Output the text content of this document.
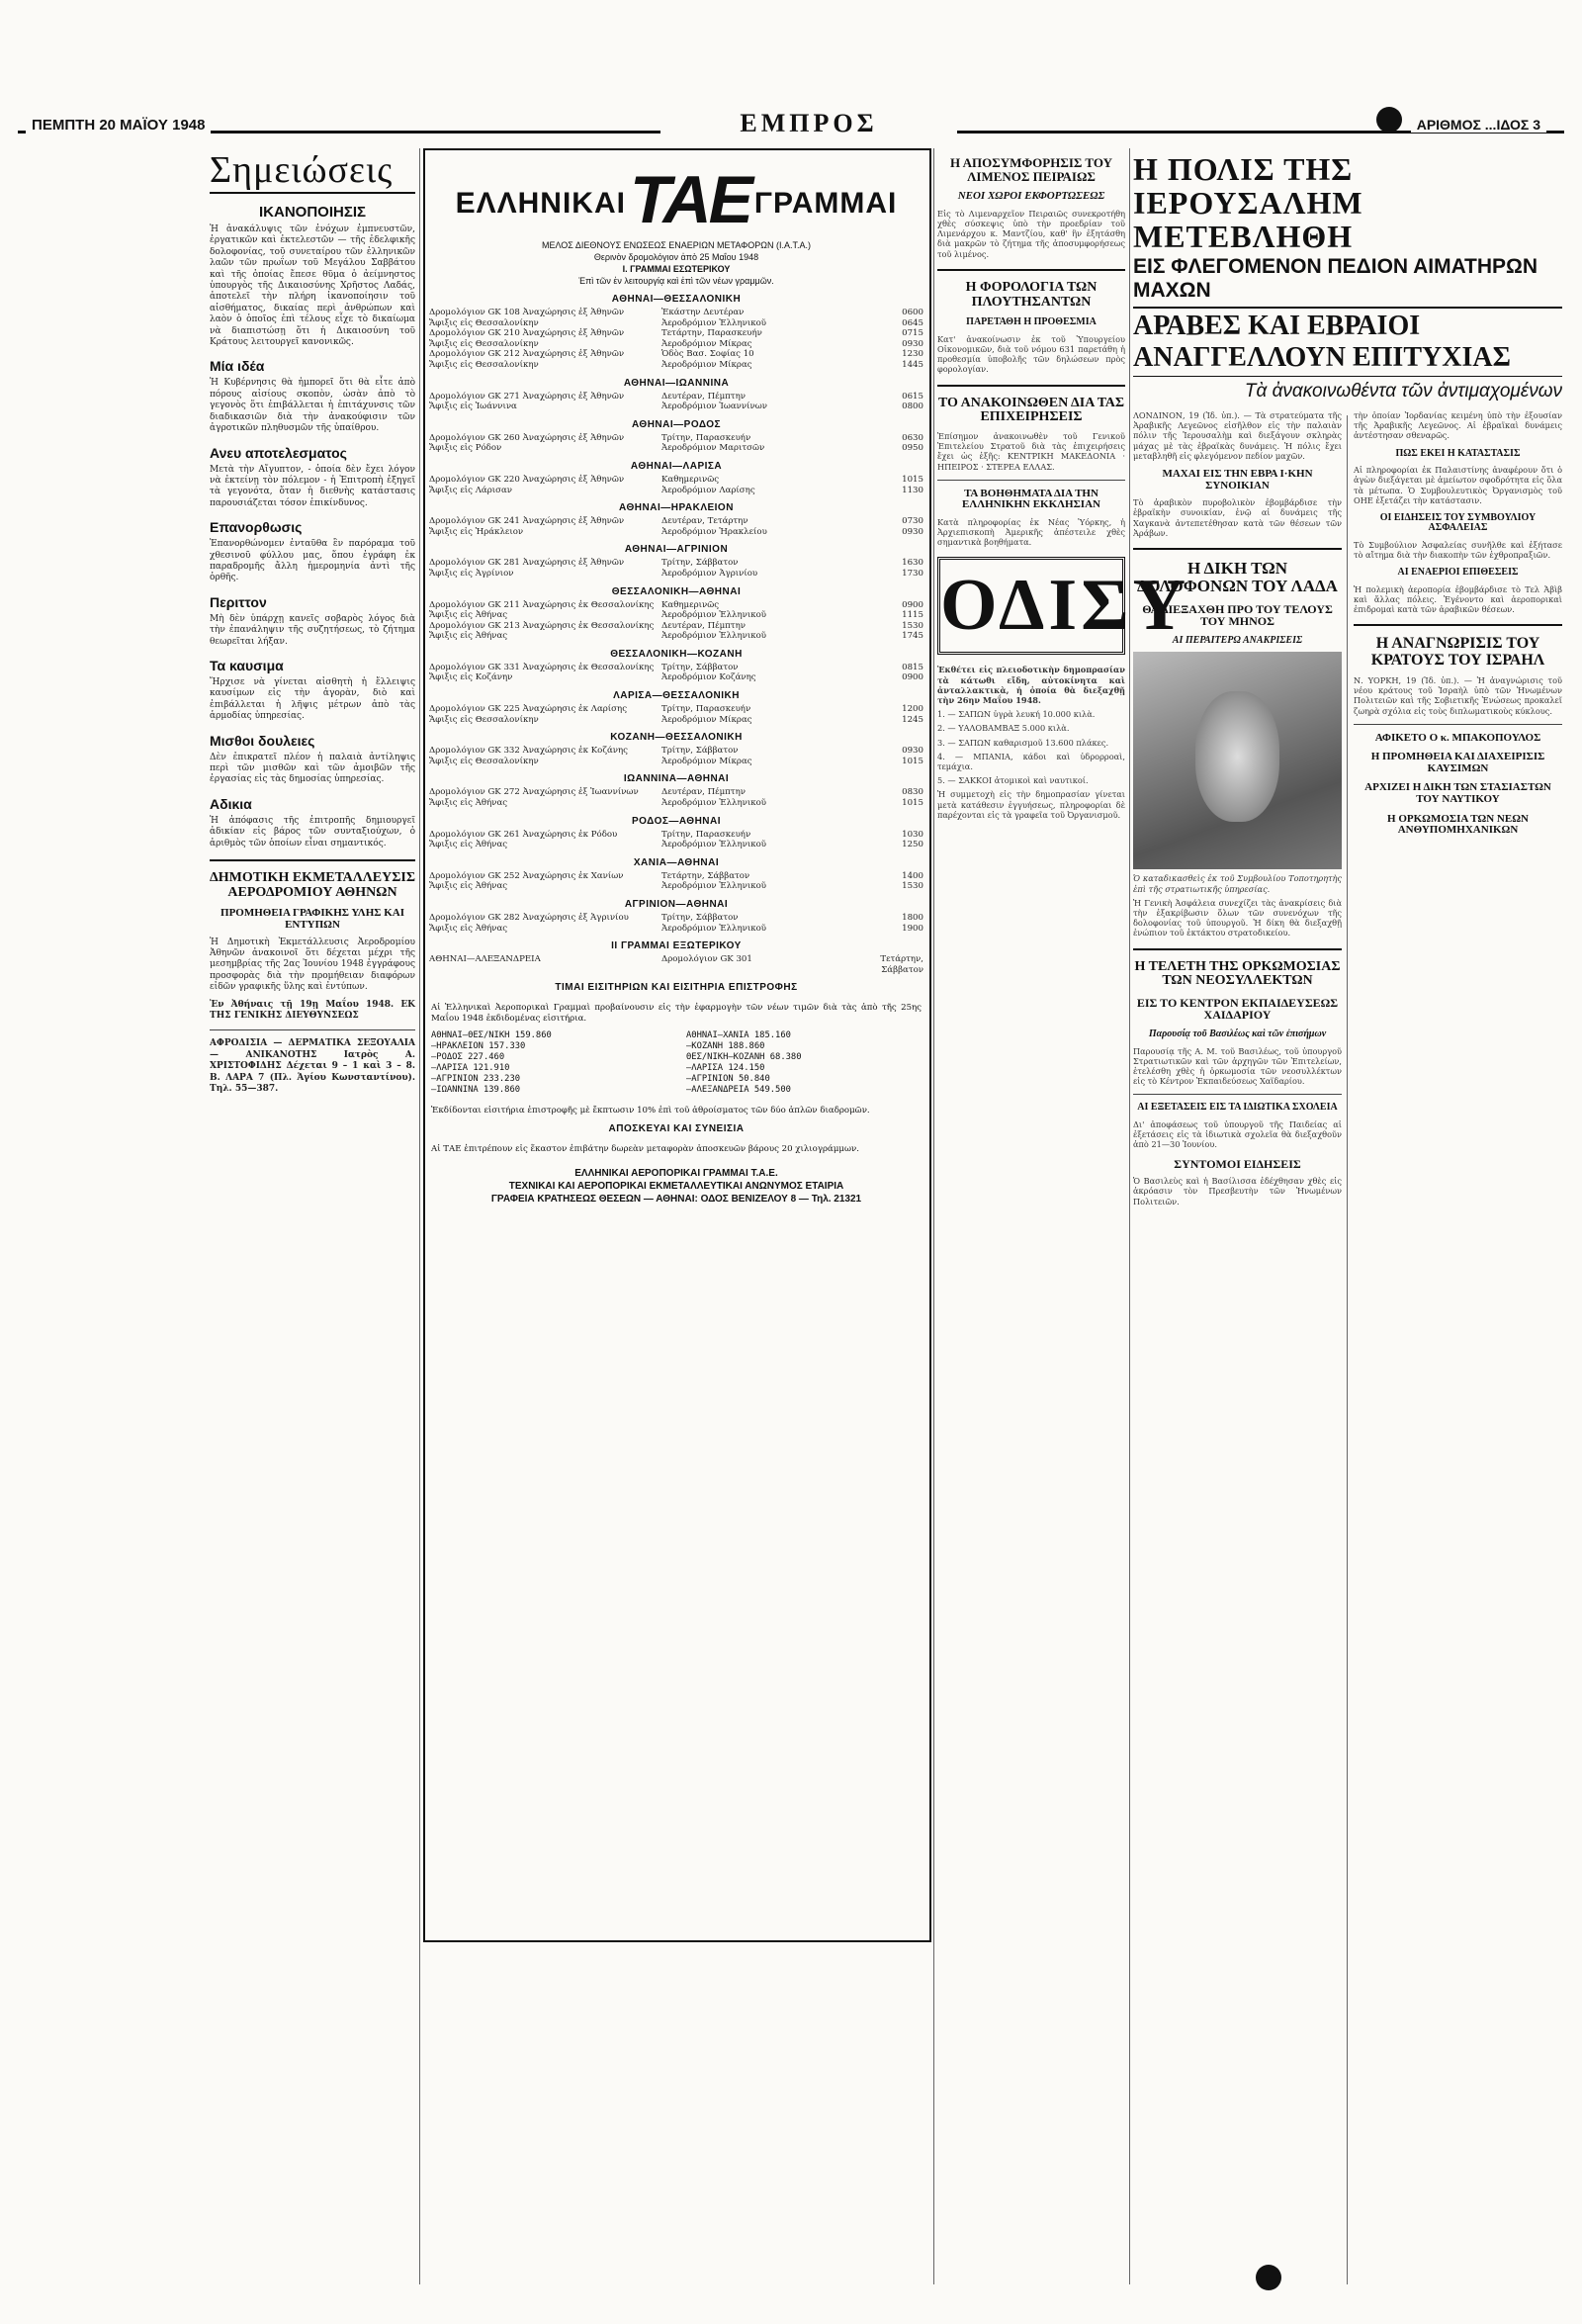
ΠΕΜΠΤΗ 20 ΜΑΪΟΥ 1948	ΕΜΠΡΟΣ	ΑΡΙΘΜΟΣ ...ΙΔΟΣ 3
Σημειώσεις
ΙΚΑΝΟΠΟΙΗΣΙΣ

Ἡ ἀνακάλυψις τῶν ἐνόχων ἐμπνευστῶν, ἐργατικῶν καὶ ἐκτελεστῶν — τῆς ἐδελφικῆς δολοφονίας, τοῦ συνεταίρου τῶν ἑλληνικῶν λαῶν τῶν πρωΐων τοῦ Μεγάλου Σαββάτου καὶ τῆς ὁποίας ἔπεσε θῦμα ὁ ἀείμνηστος ὑπουργὸς τῆς Δικαιοσύνης Χρῆστος Λαδάς, ἀποτελεῖ τὴν πλήρη ἱκανοποίησιν τοῦ αἰσθήματος, δικαίας περὶ ἀνθρώπων καὶ λαὸν ὁ ὁποῖος ἐπὶ τέλους εἶχε τὸ δικαίωμα νὰ διαπιστώσῃ ὅτι ἡ Δικαιοσύνη τοῦ Κράτους λειτουργεῖ κανονικῶς.

Μία ιδέα

Ἡ Κυβέρνησις θὰ ἠμπορεῖ ὅτι θὰ εἶτε ἀπὸ πόρους αἰσίους σκοπὸν, ὡσὰν ἀπὸ τὸ γεγονὸς ὅτι ἐπιβάλλεται ἡ ἐπιτάχυνσις τῶν διαδικασιῶν διὰ τὴν ἀνακούφισιν τῶν ἀγροτικῶν πληθυσμῶν τῆς ὑπαίθρου.

Ανευ αποτελεσματος

Μετὰ τὴν Αἴγυπτον, - ὁποία δὲν ἔχει λόγον νὰ ἐκτείνῃ τὸν πόλεμον - ἡ Ἐπιτροπὴ ἐξηγεῖ τὰ γεγονότα, ὅταν ἡ διεθνὴς κατάστασις παρουσιάζεται τόσον ἐπικίνδυνος.

Επανορθωσις

Ἐπανορθώνομεν ἐνταῦθα ἓν παρόραμα τοῦ χθεσινοῦ φύλλου μας, ὅπου ἐγράφη ἐκ παραδρομῆς ἄλλη ἡμερομηνία ἀντὶ τῆς ὀρθῆς.

Περιττον

Μὴ δὲν ὑπάρχῃ κανεῖς σοβαρὸς λόγος διὰ τὴν ἐπανάληψιν τῆς συζητήσεως, τὸ ζήτημα θεωρεῖται λήξαν.

Τα καυσιμα

Ἤρχισε νὰ γίνεται αἰσθητὴ ἡ ἔλλειψις καυσίμων εἰς τὴν ἀγορὰν, διὸ καὶ ἐπιβάλλεται ἡ λῆψις μέτρων ἀπὸ τὰς ἁρμοδίας ὑπηρεσίας.

Μισθοι δουλειες

Δὲν ἐπικρατεῖ πλέον ἡ παλαιὰ ἀντίληψις περὶ τῶν μισθῶν καὶ τῶν ἀμοιβῶν τῆς ἐργασίας εἰς τὰς δημοσίας ὑπηρεσίας.

Αδικια

Ἡ ἀπόφασις τῆς ἐπιτροπῆς δημιουργεῖ ἀδικίαν εἰς βάρος τῶν συνταξιούχων, ὁ ἀριθμὸς τῶν ὁποίων εἶναι σημαντικός.

ΔΗΜΟΤΙΚΗ ΕΚΜΕΤΑΛΛΕΥΣΙΣ ΑΕΡΟΔΡΟΜΙΟΥ ΑΘΗΝΩΝ
ΠΡΟΜΗΘΕΙΑ ΓΡΑΦΙΚΗΣ ΥΛΗΣ ΚΑΙ ΕΝΤΥΠΩΝ

Ἡ Δημοτικὴ Ἐκμετάλλευσις Ἀεροδρομίου Ἀθηνῶν ἀνακοινοῖ ὅτι δέχεται μέχρι τῆς μεσημβρίας τῆς 2ας Ἰουνίου 1948 ἐγγράφους προσφορὰς διὰ τὴν προμήθειαν διαφόρων εἰδῶν γραφικῆς ὕλης καὶ ἐντύπων.

Ἐν Ἀθήναις τῇ 19ῃ Μαΐου 1948. ΕΚ ΤΗΣ ΓΕΝΙΚΗΣ ΔΙΕΥΘΥΝΣΕΩΣ

ΑΦΡΟΔΙΣΙΑ — ΔΕΡΜΑΤΙΚΑ ΣΕΞΟΥΑΛΙΑ — ΑΝΙΚΑΝΟΤΗΣ Ιατρὸς Α. ΧΡΙΣΤΟΦΙΔΗΣ Δέχεται 9 – 1 καὶ 3 – 8. Β. ΛΑΡΑ 7 (Πλ. Ἁγίου Κωνσταντίνου). Τηλ. 55—387.

ΕΛΛΗΝΙΚΑΙ TAE ΓΡΑΜΜΑΙ
ΜΕΛΟΣ ΔΙΕΘΝΟΥΣ ΕΝΩΣΕΩΣ ΕΝΑΕΡΙΩΝ ΜΕΤΑΦΟΡΩΝ (Ι.Α.Τ.Α.)
Θερινὸν δρομολόγιον ἀπὸ 25 Μαΐου 1948
Ι. ΓΡΑΜΜΑΙ ΕΣΩΤΕΡΙΚΟΥ
Ἐπὶ τῶν ἐν λειτουργίᾳ καὶ ἐπὶ τῶν νέων γραμμῶν.
ΑΘΗΝΑΙ—ΘΕΣΣΑΛΟΝΙΚΗ
Δρομολόγιον GK 108 Ἀναχώρησις ἐξ Ἀθηνῶν	Ἐκάστην Δευτέραν	0600
Ἄφιξις εἰς Θεσσαλονίκην	Ἀεροδρόμιον Ἑλληνικοῦ	0645
Δρομολόγιον GK 210 Ἀναχώρησις ἐξ Ἀθηνῶν	Τετάρτην, Παρασκευήν	0715
Ἄφιξις εἰς Θεσσαλονίκην	Ἀεροδρόμιον Μίκρας	0930
Δρομολόγιον GK 212 Ἀναχώρησις ἐξ Ἀθηνῶν	Ὁδὸς Βασ. Σοφίας 10	1230
Ἄφιξις εἰς Θεσσαλονίκην	Ἀεροδρόμιον Μίκρας	1445
ΑΘΗΝΑΙ—ΙΩΑΝΝΙΝΑ
Δρομολόγιον GK 271 Ἀναχώρησις ἐξ Ἀθηνῶν	Δευτέραν, Πέμπτην	0615
Ἄφιξις εἰς Ἰωάννινα	Ἀεροδρόμιον Ἰωαννίνων	0800
ΑΘΗΝΑΙ—ΡΟΔΟΣ
Δρομολόγιον GK 260 Ἀναχώρησις ἐξ Ἀθηνῶν	Τρίτην, Παρασκευήν	0630
Ἄφιξις εἰς Ρόδον	Ἀεροδρόμιον Μαριτσῶν	0950
ΑΘΗΝΑΙ—ΛΑΡΙΣΑ
Δρομολόγιον GK 220 Ἀναχώρησις ἐξ Ἀθηνῶν	Καθημερινῶς	1015
Ἄφιξις εἰς Λάρισαν	Ἀεροδρόμιον Λαρίσης	1130
ΑΘΗΝΑΙ—ΗΡΑΚΛΕΙΟΝ
Δρομολόγιον GK 241 Ἀναχώρησις ἐξ Ἀθηνῶν	Δευτέραν, Τετάρτην	0730
Ἄφιξις εἰς Ἡράκλειον	Ἀεροδρόμιον Ἡρακλείου	0930
ΑΘΗΝΑΙ—ΑΓΡΙΝΙΟΝ
Δρομολόγιον GK 281 Ἀναχώρησις ἐξ Ἀθηνῶν	Τρίτην, Σάββατον	1630
Ἄφιξις εἰς Ἀγρίνιον	Ἀεροδρόμιον Ἀγρινίου	1730
ΘΕΣΣΑΛΟΝΙΚΗ—ΑΘΗΝΑΙ
Δρομολόγιον GK 211 Ἀναχώρησις ἐκ Θεσσαλονίκης Καθημερινῶς	0900
Ἄφιξις εἰς Ἀθήνας	Ἀεροδρόμιον Ἑλληνικοῦ	1115
Δρομολόγιον GK 213 Ἀναχώρησις ἐκ Θεσσαλονίκης Δευτέραν, Πέμπτην	1530
Ἄφιξις εἰς Ἀθήνας	Ἀεροδρόμιον Ἑλληνικοῦ	1745
ΘΕΣΣΑΛΟΝΙΚΗ—ΚΟΖΑΝΗ
Δρομολόγιον GK 331 Ἀναχώρησις ἐκ Θεσσαλονίκης Τρίτην, Σάββατον	0815
Ἄφιξις εἰς Κοζάνην	Ἀεροδρόμιον Κοζάνης	0900
ΛΑΡΙΣΑ—ΘΕΣΣΑΛΟΝΙΚΗ
Δρομολόγιον GK 225 Ἀναχώρησις ἐκ Λαρίσης	Τρίτην, Παρασκευήν	1200
Ἄφιξις εἰς Θεσσαλονίκην	Ἀεροδρόμιον Μίκρας	1245
ΚΟΖΑΝΗ—ΘΕΣΣΑΛΟΝΙΚΗ
Δρομολόγιον GK 332 Ἀναχώρησις ἐκ Κοζάνης	Τρίτην, Σάββατον	0930
Ἄφιξις εἰς Θεσσαλονίκην	Ἀεροδρόμιον Μίκρας	1015
ΙΩΑΝΝΙΝΑ—ΑΘΗΝΑΙ
Δρομολόγιον GK 272 Ἀναχώρησις ἐξ Ἰωαννίνων	Δευτέραν, Πέμπτην	0830
Ἄφιξις εἰς Ἀθήνας	Ἀεροδρόμιον Ἑλληνικοῦ	1015
ΡΟΔΟΣ—ΑΘΗΝΑΙ
Δρομολόγιον GK 261 Ἀναχώρησις ἐκ Ρόδου	Τρίτην, Παρασκευήν	1030
Ἄφιξις εἰς Ἀθήνας	Ἀεροδρόμιον Ἑλληνικοῦ	1250
ΧΑΝΙΑ—ΑΘΗΝΑΙ
Δρομολόγιον GK 252 Ἀναχώρησις ἐκ Χανίων	Τετάρτην, Σάββατον	1400
Ἄφιξις εἰς Ἀθήνας	Ἀεροδρόμιον Ἑλληνικοῦ	1530
ΑΓΡΙΝΙΟΝ—ΑΘΗΝΑΙ
Δρομολόγιον GK 282 Ἀναχώρησις ἐξ Ἀγρινίου	Τρίτην, Σάββατον	1800
Ἄφιξις εἰς Ἀθήνας	Ἀεροδρόμιον Ἑλληνικοῦ	1900
ΙΙ ΓΡΑΜΜΑΙ ΕΞΩΤΕΡΙΚΟΥ
ΑΘΗΝΑΙ—ΑΛΕΞΑΝΔΡΕΙΑ	Δρομολόγιον GK 301	Τετάρτην, Σάββατον
ΤΙΜΑΙ ΕΙΣΙΤΗΡΙΩΝ ΚΑΙ ΕΙΣΙΤΗΡΙΑ ΕΠΙΣΤΡΟΦΗΣ

Αἱ Ἑλληνικαὶ Ἀεροπορικαὶ Γραμμαὶ προβαίνουσιν εἰς τὴν ἐφαρμογὴν τῶν νέων τιμῶν διὰ τὰς ἀπὸ τῆς 25ης Μαΐου 1948 ἐκδιδομένας εἰσιτήρια.

ΑΘΗΝΑΙ—ΘΕΣ/ΝΙΚΗ 159.860	ΑΘΗΝΑΙ—ΧΑΝΙΑ 185.160
—ΗΡΑΚΛΕΙΟΝ 157.330	—ΚΟΖΑΝΗ 188.860
—ΡΟΔΟΣ 227.460	ΘΕΣ/ΝΙΚΗ—ΚΟΖΑΝΗ 68.380
—ΛΑΡΙΣΑ 121.910	—ΛΑΡΙΣΑ 124.150
—ΑΓΡΙΝΙΟΝ 233.230	—ΑΓΡΙΝΙΟΝ 50.840
—ΙΩΑΝΝΙΝΑ 139.860	—ΑΛΕΞΑΝΔΡΕΙΑ 549.500

Ἐκδίδονται εἰσιτήρια ἐπιστροφῆς μὲ ἔκπτωσιν 10% ἐπὶ τοῦ ἀθροίσματος τῶν δύο ἁπλῶν διαδρομῶν.

ΑΠΟΣΚΕΥΑΙ ΚΑΙ ΣΥΝΕΙΣΙΑ

Αἱ ΤΑΕ ἐπιτρέπουν εἰς ἕκαστον ἐπιβάτην δωρεὰν μεταφορὰν ἀποσκευῶν βάρους 20 χιλιογράμμων.

ΕΛΛΗΝΙΚΑΙ ΑΕΡΟΠΟΡΙΚΑΙ ΓΡΑΜΜΑΙ Τ.Α.Ε.
ΤΕΧΝΙΚΑΙ ΚΑΙ ΑΕΡΟΠΟΡΙΚΑΙ ΕΚΜΕΤΑΛΛΕΥΤΙΚΑΙ ΑΝΩΝΥΜΟΣ ΕΤΑΙΡΙΑ
ΓΡΑΦΕΙΑ ΚΡΑΤΗΣΕΩΣ ΘΕΣΕΩΝ — ΑΘΗΝΑΙ: ΟΔΟΣ ΒΕΝΙΖΕΛΟΥ 8 — Τηλ. 21321
Η ΑΠΟΣΥΜΦΟΡΗΣΙΣ ΤΟΥ ΛΙΜΕΝΟΣ ΠΕΙΡΑΙΩΣ
ΝΕΟΙ ΧΩΡΟΙ ΕΚΦΟΡΤΩΣΕΩΣ

Εἰς τὸ Λιμεναρχεῖον Πειραιῶς συνεκροτήθη χθὲς σύσκεψις ὑπὸ τὴν προεδρίαν τοῦ Λιμενάρχου κ. Μαντζίου, καθ' ἣν ἐξητάσθη διὰ μακρῶν τὸ ζήτημα τῆς ἀποσυμφορήσεως τοῦ λιμένος.

Η ΦΟΡΟΛΟΓΙΑ ΤΩΝ ΠΛΟΥΤΗΣΑΝΤΩΝ
ΠΑΡΕΤΑΘΗ Η ΠΡΟΘΕΣΜΙΑ

Κατ' ἀνακοίνωσιν ἐκ τοῦ Ὑπουργείου Οἰκονομικῶν, διὰ τοῦ νόμου 631 παρετάθη ἡ προθεσμία ὑποβολῆς τῶν δηλώσεων πρὸς φορολογίαν.

ΤΟ ΑΝΑΚΟΙΝΩΘΕΝ ΔΙΑ ΤΑΣ ΕΠΙΧΕΙΡΗΣΕΙΣ

Ἐπίσημον ἀνακοινωθὲν τοῦ Γενικοῦ Ἐπιτελείου Στρατοῦ διὰ τὰς ἐπιχειρήσεις ἔχει ὡς ἑξῆς: ΚΕΝΤΡΙΚΗ ΜΑΚΕΔΟΝΙΑ · ΗΠΕΙΡΟΣ · ΣΤΕΡΕΑ ΕΛΛΑΣ.

ΤΑ ΒΟΗΘΗΜΑΤΑ ΔΙΑ ΤΗΝ ΕΛΛΗΝΙΚΗΝ ΕΚΚΛΗΣΙΑΝ

Κατὰ πληροφορίας ἐκ Νέας Ὑόρκης, ἡ Ἀρχιεπισκοπὴ Ἀμερικῆς ἀπέστειλε χθὲς σημαντικὰ βοηθήματα.

ΟΔΙΣΥ

Ἐκθέτει εἰς πλειοδοτικὴν δημοπρασίαν τὰ κάτωθι εἴδη, αὐτοκίνητα καὶ ἀνταλλακτικὰ, ἡ ὁποία θὰ διεξαχθῇ τὴν 26ην Μαΐου 1948.

1. — ΣΑΠΩΝ ὑγρὰ λευκή 10.000 κιλὰ.

2. — ΥΑΛΟΒΑΜΒΑΞ 5.000 κιλὰ.

3. — ΣΑΠΩΝ καθαρισμοῦ 13.600 πλάκες.

4. — ΜΠΑΝΙΑ, κάδοι καὶ ὑδρορροαὶ, τεμάχια.

5. — ΣΑΚΚΟΙ ἀτομικοὶ καὶ ναυτικοί.

Ἡ συμμετοχὴ εἰς τὴν δημοπρασίαν γίνεται μετὰ κατάθεσιν ἐγγυήσεως, πληροφορίαι δὲ παρέχονται εἰς τὰ γραφεῖα τοῦ Ὀργανισμοῦ.

Η ΠΟΛΙΣ ΤΗΣ ΙΕΡΟΥΣΑΛΗΜ ΜΕΤΕΒΛΗΘΗ
ΕΙΣ ΦΛΕΓΟΜΕΝΟΝ ΠΕΔΙΟΝ ΑΙΜΑΤΗΡΩΝ ΜΑΧΩΝ
ΑΡΑΒΕΣ ΚΑΙ ΕΒΡΑΙΟΙ ΑΝΑΓΓΕΛΛΟΥΝ ΕΠΙΤΥΧΙΑΣ
Τὰ ἀνακοινωθέντα τῶν ἀντιμαχομένων

ΛΟΝΔΙΝΟΝ, 19 (Ἰδ. ὑπ.). — Τὰ στρατεύματα τῆς Ἀραβικῆς Λεγεῶνος εἰσῆλθον εἰς τὴν παλαιὰν πόλιν τῆς Ἱερουσαλὴμ καὶ διεξάγουν σκληρὰς μάχας μὲ τὰς ἑβραϊκὰς δυνάμεις. Ἡ πόλις ἔχει μεταβληθῆ εἰς φλεγόμενον πεδίον μαχῶν.

ΜΑΧΑΙ ΕΙΣ ΤΗΝ ΕΒΡΑ Ι·ΚΗΝ ΣΥΝΟΙΚΙΑΝ

Τὸ ἀραβικὸν πυροβολικὸν ἐβομβάρδισε τὴν ἑβραϊκὴν συνοικίαν, ἐνῷ αἱ δυνάμεις τῆς Χαγκανὰ ἀντεπετέθησαν κατὰ τῶν θέσεων τῶν Ἀράβων.

Η ΔΙΚΗ ΤΩΝ ΔΟΛΟΦΟΝΩΝ ΤΟΥ ΛΑΔΑ
ΘΑ ΔΙΕΞΑΧΘΗ ΠΡΟ ΤΟΥ ΤΕΛΟΥΣ ΤΟΥ ΜΗΝΟΣ
ΑΙ ΠΕΡΑΙΤΕΡΩ ΑΝΑΚΡΙΣΕΙΣ

Ὁ καταδικασθεὶς ἐκ τοῦ Συμβουλίου Τοποτηρητὴς ἐπὶ τῆς στρατιωτικῆς ὑπηρεσίας.

Ἡ Γενικὴ Ἀσφάλεια συνεχίζει τὰς ἀνακρίσεις διὰ τὴν ἐξακρίβωσιν ὅλων τῶν συνενόχων τῆς δολοφονίας τοῦ ὑπουργοῦ. Ἡ δίκη θὰ διεξαχθῇ ἐνώπιον τοῦ ἐκτάκτου στρατοδικείου.

Η ΤΕΛΕΤΗ ΤΗΣ ΟΡΚΩΜΟΣΙΑΣ ΤΩΝ ΝΕΟΣΥΛΛΕΚΤΩΝ
ΕΙΣ ΤΟ ΚΕΝΤΡΟΝ ΕΚΠΑΙΔΕΥΣΕΩΣ ΧΑΙΔΑΡΙΟΥ
Παρουσίᾳ τοῦ Βασιλέως καὶ τῶν ἐπισήμων

Παρουσίᾳ τῆς Α. Μ. τοῦ Βασιλέως, τοῦ ὑπουργοῦ Στρατιωτικῶν καὶ τῶν ἀρχηγῶν τῶν Ἐπιτελείων, ἐτελέσθη χθὲς ἡ ὁρκωμοσία τῶν νεοσυλλέκτων εἰς τὸ Κέντρον Ἐκπαιδεύσεως Χαϊδαρίου.

ΑΙ ΕΞΕΤΑΣΕΙΣ ΕΙΣ ΤΑ ΙΔΙΩΤΙΚΑ ΣΧΟΛΕΙΑ

Δι' ἀποφάσεως τοῦ ὑπουργοῦ τῆς Παιδείας αἱ ἐξετάσεις εἰς τὰ ἰδιωτικὰ σχολεῖα θὰ διεξαχθοῦν ἀπὸ 21—30 Ἰουνίου.

ΣΥΝΤΟΜΟΙ ΕΙΔΗΣΕΙΣ

Ὁ Βασιλεὺς καὶ ἡ Βασίλισσα ἐδέχθησαν χθὲς εἰς ἀκρόασιν τὸν Πρεσβευτὴν τῶν Ἡνωμένων Πολιτειῶν.

τὴν ὁποίαν Ἰορδανίας κειμένη ὑπὸ τὴν ἐξουσίαν τῆς Ἀραβικῆς Λεγεῶνος. Αἱ ἑβραϊκαὶ δυνάμεις ἀντέστησαν σθεναρῶς.

ΠΩΣ ΕΚΕΙ Η ΚΑΤΑΣΤΑΣΙΣ

Αἱ πληροφορίαι ἐκ Παλαιστίνης ἀναφέρουν ὅτι ὁ ἀγὼν διεξάγεται μὲ ἀμείωτον σφοδρότητα εἰς ὅλα τὰ μέτωπα. Ὁ Συμβουλευτικὸς Ὀργανισμὸς τοῦ ΟΗΕ ἐξετάζει τὴν κατάστασιν.

ΟΙ ΕΙΔΗΣΕΙΣ ΤΟΥ ΣΥΜΒΟΥΛΙΟΥ ΑΣΦΑΛΕΙΑΣ

Τὸ Συμβούλιον Ἀσφαλείας συνῆλθε καὶ ἐξήτασε τὸ αἴτημα διὰ τὴν διακοπὴν τῶν ἐχθροπραξιῶν.

ΑΙ ΕΝΑΕΡΙΟΙ ΕΠΙΘΕΣΕΙΣ

Ἡ πολεμικὴ ἀεροπορία ἐβομβάρδισε τὸ Τελ Ἀβὶβ καὶ ἄλλας πόλεις. Ἐγένοντο καὶ ἀεροπορικαὶ ἐπιδρομαὶ κατὰ τῶν ἀραβικῶν θέσεων.

Η ΑΝΑΓΝΩΡΙΣΙΣ ΤΟΥ ΚΡΑΤΟΥΣ ΤΟΥ ΙΣΡΑΗΛ

Ν. ΥΟΡΚΗ, 19 (Ἰδ. ὑπ.). — Ἡ ἀναγνώρισις τοῦ νέου κράτους τοῦ Ἰσραὴλ ὑπὸ τῶν Ἡνωμένων Πολιτειῶν καὶ τῆς Σοβιετικῆς Ἑνώσεως προκαλεῖ ζωηρὰ σχόλια εἰς τοὺς διπλωματικοὺς κύκλους.

ΑΦΙΚΕΤΟ Ο κ. ΜΠΑΚΟΠΟΥΛΟΣ
Η ΠΡΟΜΗΘΕΙΑ ΚΑΙ ΔΙΑΧΕΙΡΙΣΙΣ ΚΑΥΣΙΜΩΝ
ΑΡΧΙΖΕΙ Η ΔΙΚΗ ΤΩΝ ΣΤΑΣΙΑΣΤΩΝ ΤΟΥ ΝΑΥΤΙΚΟΥ
Η ΟΡΚΩΜΟΣΙΑ ΤΩΝ ΝΕΩΝ ΑΝΘΥΠΟΜΗΧΑΝΙΚΩΝ
